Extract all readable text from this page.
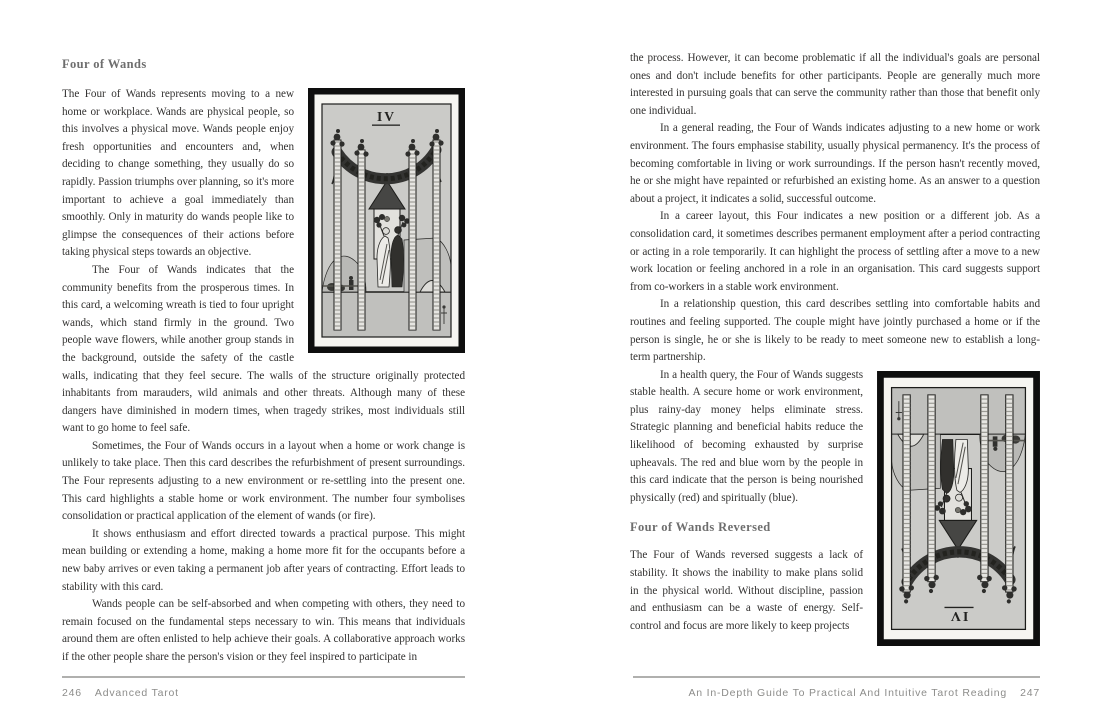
Four of Wands

The Four of Wands represents moving to a new home or workplace. Wands are physical people, so this involves a physical move. Wands people enjoy fresh opportunities and encounters and, when deciding to change something, they usually do so rapidly. Passion triumphs over planning, so it's more important to achieve a goal immediately than smoothly. Only in maturity do wands people like to glimpse the consequences of their actions before taking physical steps towards an objective.

The Four of Wands indicates that the community benefits from the prosperous times. In this card, a welcoming wreath is tied to four upright wands, which stand firmly in the ground. Two people wave flowers, while another group stands in the background, outside the safety of the castle walls, indicating that they feel secure. The walls of the structure originally protected inhabitants from marauders, wild animals and other threats. Although many of these dangers have diminished in modern times, when tragedy strikes, most individuals still want to go home to feel safe.

Sometimes, the Four of Wands occurs in a layout when a home or work change is unlikely to take place. Then this card describes the refurbishment of present surroundings. The Four represents adjusting to a new environment or re-settling into the present one. This card highlights a stable home or work environment. The number four symbolises consolidation or practical application of the element of wands (or fire).

It shows enthusiasm and effort directed towards a practical purpose. This might mean building or extending a home, making a home more fit for the occupants before a new baby arrives or even taking a permanent job after years of contracting. Effort leads to stability with this card.

Wands people can be self-absorbed and when competing with others, they need to remain focused on the fundamental steps necessary to win. This means that individuals around them are often enlisted to help achieve their goals. A collaborative approach works if the other people share the person's vision or they feel inspired to participate in

the process. However, it can become problematic if all the individual's goals are personal ones and don't include benefits for other participants. People are generally much more interested in pursuing goals that can serve the community rather than those that benefit only one individual.

In a general reading, the Four of Wands indicates adjusting to a new home or work environment. The fours emphasise stability, usually physical permanency. It's the process of becoming comfortable in living or work surroundings. If the person hasn't recently moved, he or she might have repainted or refurbished an existing home. As an answer to a question about a project, it indicates a solid, successful outcome.

In a career layout, this Four indicates a new position or a different job. As a consolidation card, it sometimes describes permanent employment after a period contracting or acting in a role temporarily. It can highlight the process of settling after a move to a new work location or feeling anchored in a role in an organisation. This card suggests support from co-workers in a stable work environment.

In a relationship question, this card describes settling into comfortable habits and routines and feeling supported. The couple might have jointly purchased a home or if the person is single, he or she is likely to be ready to meet someone new to establish a long-term partnership.

In a health query, the Four of Wands suggests stable health. A secure home or work environment, plus rainy-day money helps eliminate stress. Strategic planning and beneficial habits reduce the likelihood of becoming exhausted by surprise upheavals. The red and blue worn by the people in this card indicate that the person is being nourished physically (red) and spiritually (blue).

Four of Wands Reversed

The Four of Wands reversed suggests a lack of stability. It shows the inability to make plans solid in the physical world. Without discipline, passion and enthusiasm can be a waste of energy. Self-control and focus are more likely to keep projects

246 Advanced Tarot	An In-Depth Guide To Practical And Intuitive Tarot Reading 247
